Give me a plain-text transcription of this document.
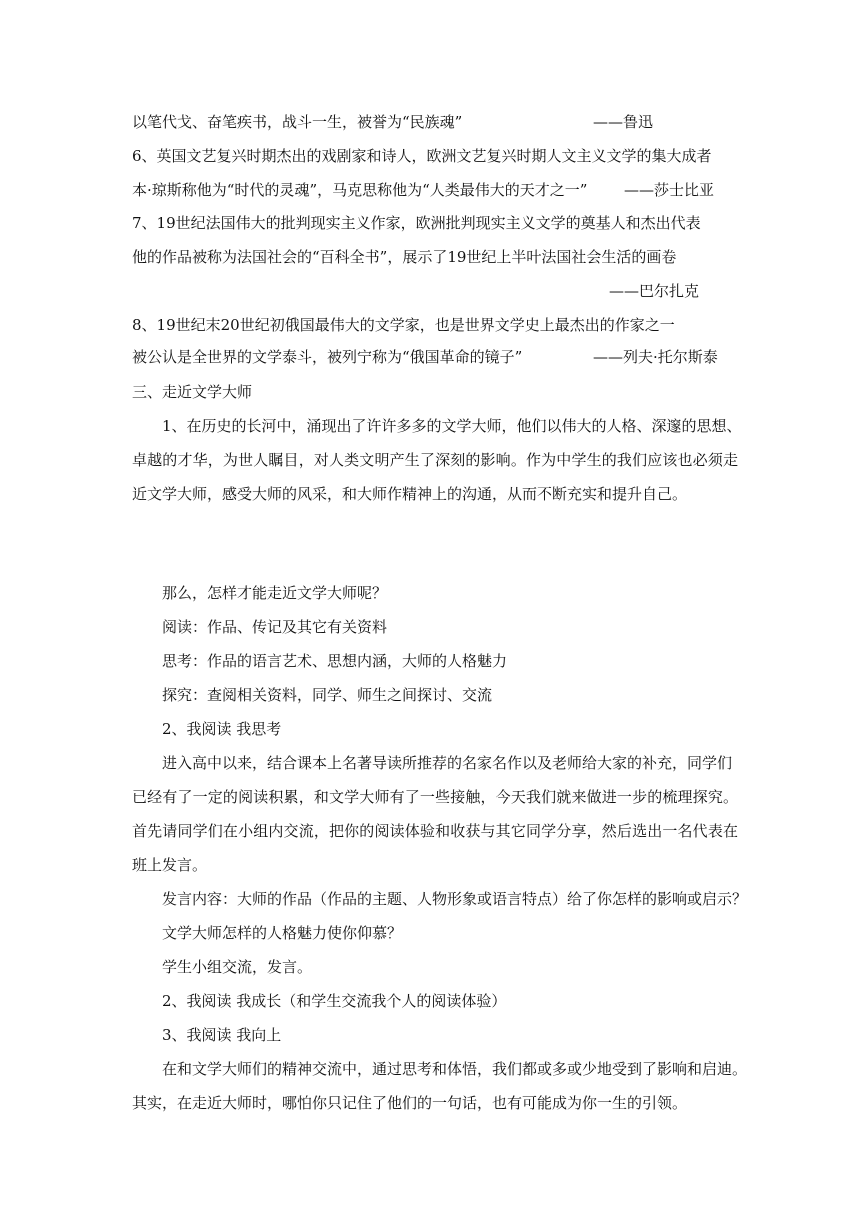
以笔代戈、奋笔疾书，战斗一生，被誉为“民族魂”	——鲁迅
6、英国文艺复兴时期杰出的戏剧家和诗人，欧洲文艺复兴时期人文主义文学的集大成者
本·琼斯称他为“时代的灵魂”，马克思称他为“人类最伟大的天才之一” ——莎士比亚
7、19世纪法国伟大的批判现实主义作家，欧洲批判现实主义文学的奠基人和杰出代表
他的作品被称为法国社会的“百科全书”，展示了19世纪上半叶法国社会生活的画卷
——巴尔扎克
8、19世纪末20世纪初俄国最伟大的文学家，也是世界文学史上最杰出的作家之一
被公认是全世界的文学泰斗，被列宁称为“俄国革命的镜子”	——列夫·托尔斯泰
三、走近文学大师
1、在历史的长河中，涌现出了许许多多的文学大师，他们以伟大的人格、深邃的思想、
卓越的才华，为世人瞩目，对人类文明产生了深刻的影响。作为中学生的我们应该也必须走
近文学大师，感受大师的风采，和大师作精神上的沟通，从而不断充实和提升自己。
那么，怎样才能走近文学大师呢？
阅读：作品、传记及其它有关资料
思考：作品的语言艺术、思想内涵，大师的人格魅力
探究：查阅相关资料，同学、师生之间探讨、交流
2、我阅读 我思考
进入高中以来，结合课本上名著导读所推荐的名家名作以及老师给大家的补充，同学们
已经有了一定的阅读积累，和文学大师有了一些接触，今天我们就来做进一步的梳理探究。
首先请同学们在小组内交流，把你的阅读体验和收获与其它同学分享，然后选出一名代表在
班上发言。
发言内容：大师的作品（作品的主题、人物形象或语言特点）给了你怎样的影响或启示？
文学大师怎样的人格魅力使你仰慕？
学生小组交流，发言。
2、我阅读 我成长（和学生交流我个人的阅读体验）
3、我阅读 我向上
在和文学大师们的精神交流中，通过思考和体悟，我们都或多或少地受到了影响和启迪。
其实，在走近大师时，哪怕你只记住了他们的一句话，也有可能成为你一生的引领。
